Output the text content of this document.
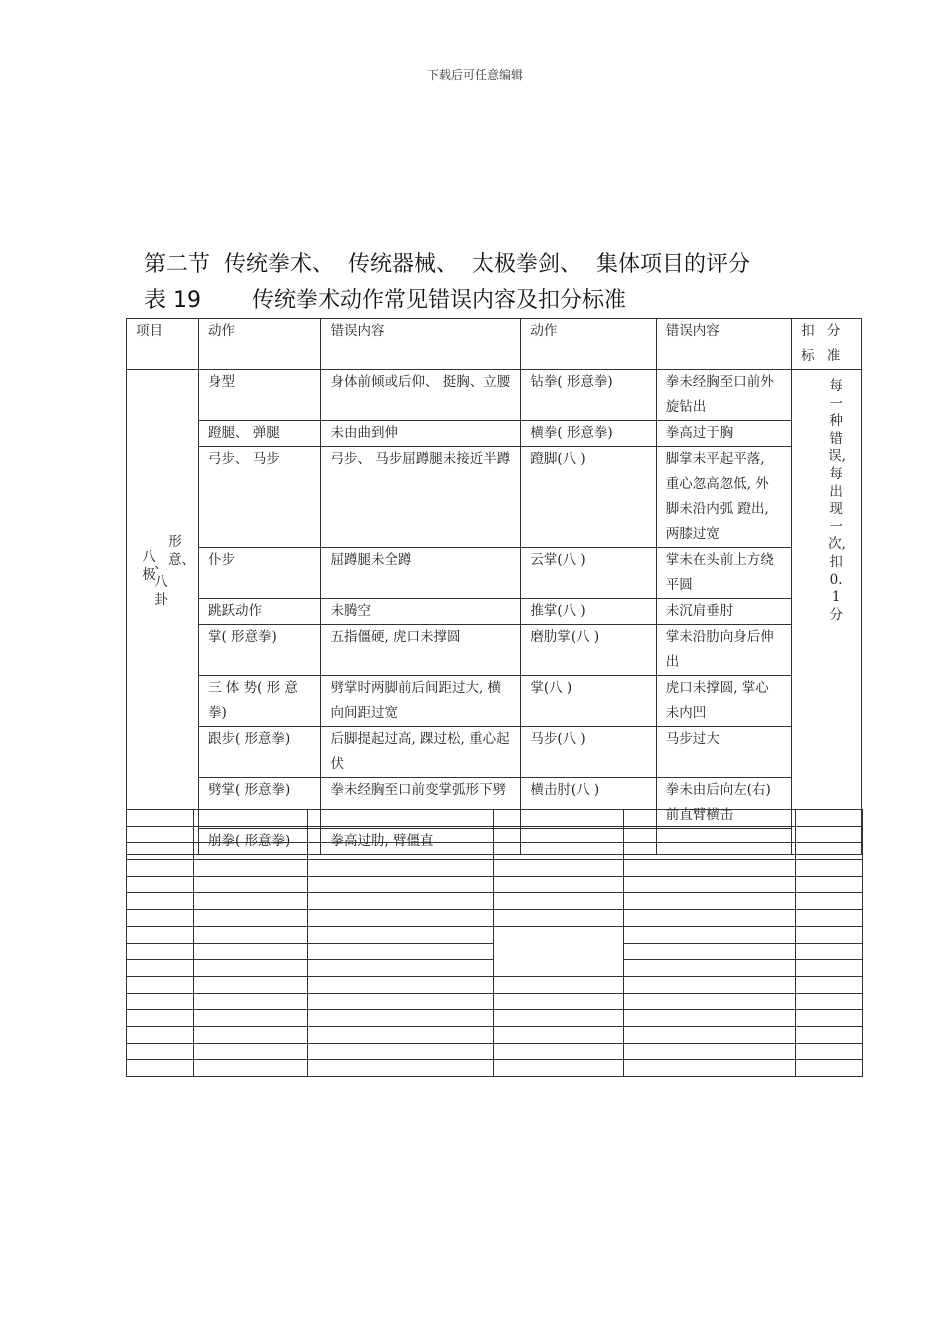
下载后可任意编辑
第二节  传统拳术、  传统器械、  太极拳剑、  集体项目的评分
表 19 传统拳术动作常见错误内容及扣分标准
项目	动作	错误内容	动作	错误内容	扣 分 标 准

形意、
、八卦
八极	身型	身体前倾或后仰、 挺胸、立腰	钻拳( 形意拳)	拳未经胸至口前外旋钻出	每一种错误,每出现一次,扣0.1分

	蹬腿、 弹腿	未由曲到伸	横拳( 形意拳)	拳高过于胸	
	弓步、 马步	弓步、 马步屈蹲腿未接近半蹲	蹬脚(八 )	脚掌未平起平落, 重心忽高忽低, 外脚未沿内弧 蹬出, 两膝过宽	
	仆步	屈蹲腿未全蹲	云掌(八 )	掌未在头前上方绕平圆	
	跳跃动作	未腾空	推掌(八 )	未沉肩垂肘	
	掌( 形意拳)	五指僵硬, 虎口未撑圆	磨肋掌(八 )	掌未沿肋向身后伸出	
	三 体 势( 形 意 拳)	劈掌时两脚前后间距过大, 横向间距过宽	掌(八 )	虎口未撑圆, 掌心未内凹	
	跟步( 形意拳)	后脚提起过高, 踝过松, 重心起伏	马步(八 )	马步过大	
	劈掌( 形意拳)	拳未经胸至口前变掌弧形下劈	横击肘(八 )	拳未由后向左(右)前直臂横击	
	崩拳( 形意拳)	拳高过肋, 臂僵直			
